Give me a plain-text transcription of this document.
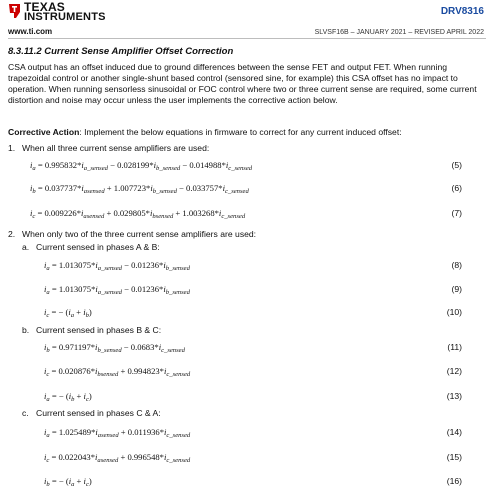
TEXAS
INSTRUMENTS
www.ti.com
DRV8316
SLVSF16B – JANUARY 2021 – REVISED APRIL 2022
8.3.11.2 Current Sense Amplifier Offset Correction

CSA output has an offset induced due to ground differences between the sense FET and output FET. When running trapezoidal control or another single-shunt based control (sensored sine, for example) this CSA offset has no impact to operation. When running sensorless sinusoidal or FOC control where two or three current sense are required, some current distortion and noise may occur unless the user implements the corrective action below.

Corrective Action: Implement the below equations in firmware to correct for any current induced offset:

1. When all three current sense amplifiers are used:
2. When only two of the three current sense amplifiers are used:
a. Current sensed in phases A & B:
b. Current sensed in phases B & C:
c. Current sensed in phases C & A:
$i_a = 0.995832*i_{a\_sensed} - 0.028199*i_{b\_sensed} - 0.014988*i_{c\_sensed}$	(5)
$i_b = 0.037737*i_{asensed} + 1.007723*i_{b\_sensed} - 0.033757*i_{c\_sensed}$	(6)
$i_c = 0.009226*i_{asensed} + 0.029805*i_{bsensed} + 1.003268*i_{c\_sensed}$	(7)
$i_a = 1.013075*i_{a\_sensed} - 0.01236*i_{b\_sensed}$	(8)
$i_a = 1.013075*i_{a\_sensed} - 0.01236*i_{b\_sensed}$	(9)
$i_c$ = − $(i_a + i_b)$	(10)
$i_b = 0.971197*i_{b\_sensed} - 0.0683*i_{c\_sensed}$	(11)
$i_c = 0.020876*i_{bsensed} + 0.994823*i_{c\_sensed}$	(12)
$i_a$ = − $(i_b + i_c)$	(13)
$i_a = 1.025489*i_{asensed} + 0.011936*i_{c\_sensed}$	(14)
$i_c = 0.022043*i_{asensed} + 0.996548*i_{c\_sensed}$	(15)
$i_b$ = − $(i_a + i_c)$	(16)
